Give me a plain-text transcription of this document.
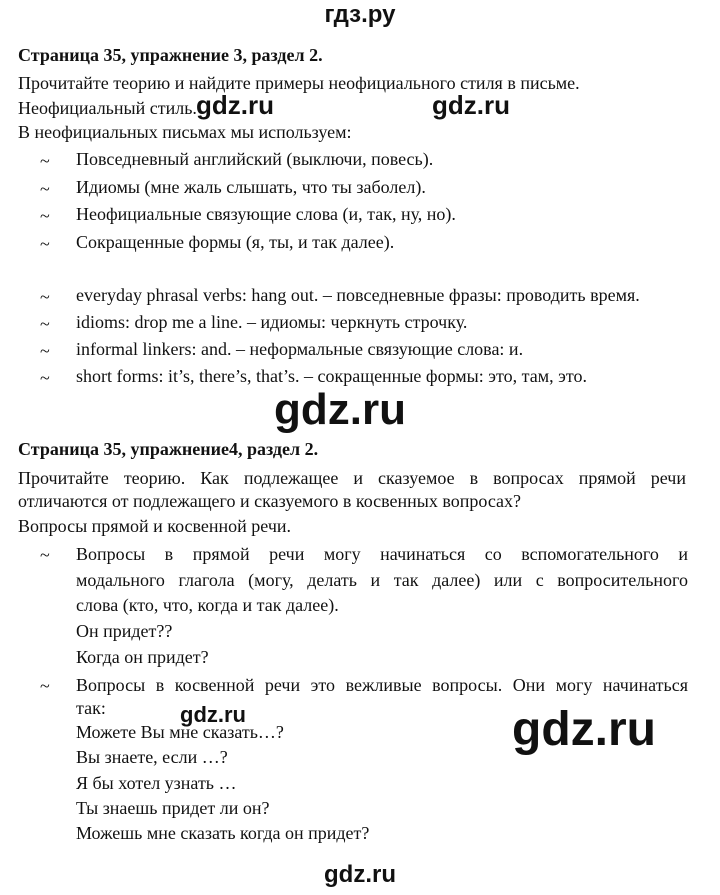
гдз.ру
Страница 35, упражнение 3, раздел 2.
Прочитайте теорию и найдите примеры неофициального стиля в письме.
Неофициальный стиль.
В неофициальных письмах мы используем:
~ Повседневный английский (выключи, повесь).
~ Идиомы (мне жаль слышать, что ты заболел).
~ Неофициальные связующие слова (и, так, ну, но).
~ Сокращенные формы (я, ты, и так далее).
~ everyday phrasal verbs: hang out. – повседневные фразы: проводить время.
~ idioms: drop me a line. – идиомы: черкнуть строчку.
~ informal linkers: and. – неформальные связующие слова: и.
~ short forms: it’s, there’s, that’s. – сокращенные формы: это, там, это.
Страница 35, упражнение4, раздел 2.
Прочитайте теорию. Как подлежащее и сказуемое в вопросах прямой речи
отличаются от подлежащего и сказуемого в косвенных вопросах?
Вопросы прямой и косвенной речи.
~ Вопросы в прямой речи могу начинаться со вспомогательного и
модального глагола (могу, делать и так далее) или с вопросительного
слова (кто, что, когда и так далее).
Он придет??
Когда он придет?
~ Вопросы в косвенной речи это вежливые вопросы. Они могу начинаться
так:
Можете Вы мне сказать…?
Вы знаете, если …?
Я бы хотел узнать …
Ты знаешь придет ли он?
Можешь мне сказать когда он придет?
gdz.ru	gdz.ru
gdz.ru
gdz.ru	gdz.ru
gdz.ru
